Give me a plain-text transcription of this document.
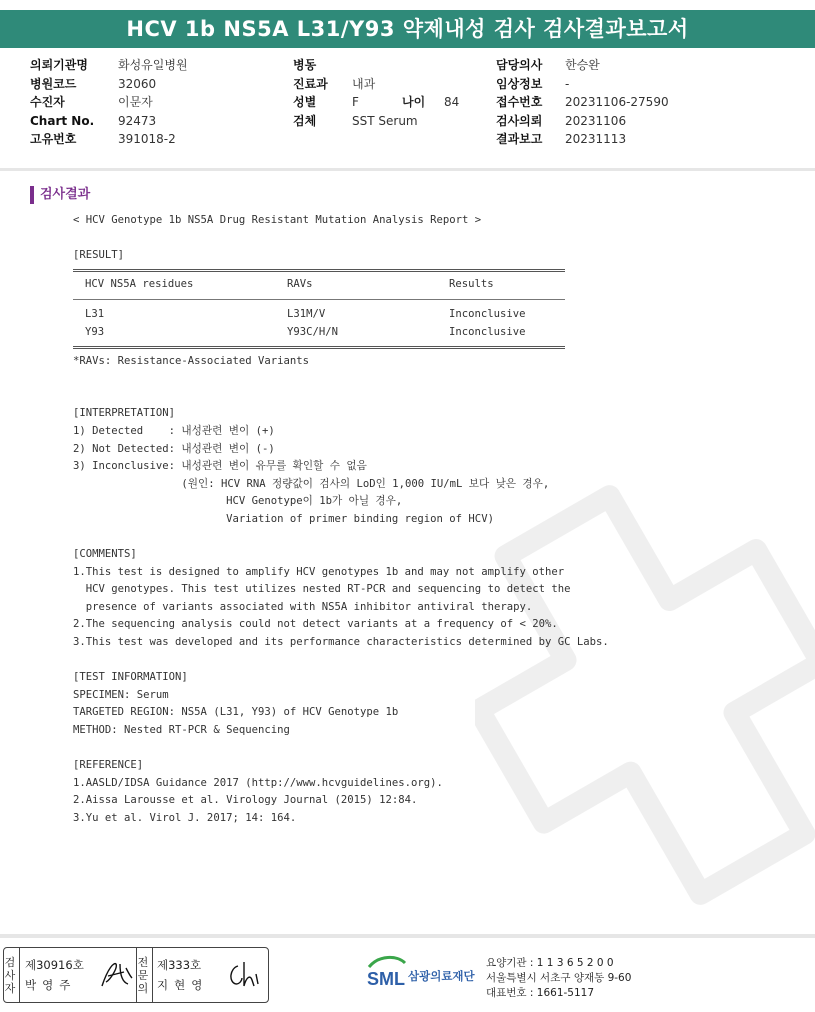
HCV 1b NS5A L31/Y93 약제내성 검사 검사결과보고서
의뢰기관명	화성유일병원
병원코드	32060
수진자	이문자
Chart No.	92473
고유번호	391018-2
병동
진료과	내과
성별	F	나이	84
검체	SST Serum
담당의사	한승완
임상정보	-
접수번호	20231106-27590
검사의뢰	20231106
결과보고	20231113
검사결과
< HCV Genotype 1b NS5A Drug Resistant Mutation Analysis Report >
[RESULT]
HCV NS5A residues	RAVs	Results
L31	L31M/V	Inconclusive
Y93	Y93C/H/N	Inconclusive
*RAVs: Resistance-Associated Variants
[INTERPRETATION]
1) Detected    : 내성관련 변이 (+)
2) Not Detected: 내성관련 변이 (-)
3) Inconclusive: 내성관련 변이 유무를 확인할 수 없음
(원인: HCV RNA 정량값이 검사의 LoD인 1,000 IU/mL 보다 낮은 경우,
HCV Genotype이 1b가 아닐 경우,
Variation of primer binding region of HCV)
[COMMENTS]
1.This test is designed to amplify HCV genotypes 1b and may not amplify other
HCV genotypes. This test utilizes nested RT-PCR and sequencing to detect the
presence of variants associated with NS5A inhibitor antiviral therapy.
2.The sequencing analysis could not detect variants at a frequency of < 20%.
3.This test was developed and its performance characteristics determined by GC Labs.
[TEST INFORMATION]
SPECIMEN: Serum
TARGETED REGION: NS5A (L31, Y93) of HCV Genotype 1b
METHOD: Nested RT-PCR & Sequencing
[REFERENCE]
1.AASLD/IDSA Guidance 2017 (http://www.hcvguidelines.org).
2.Aissa Larousse et al. Virology Journal (2015) 12:84.
3.Yu et al. Virol J. 2017; 14: 164.
검사자
제30916호
박영주
전문의
제333호
지현영	SML 삼광의료재단
요양기관 : 1 1 3 6 5 2 0 0
서울특별시 서초구 양재동 9-60
대표번호 : 1661-5117
